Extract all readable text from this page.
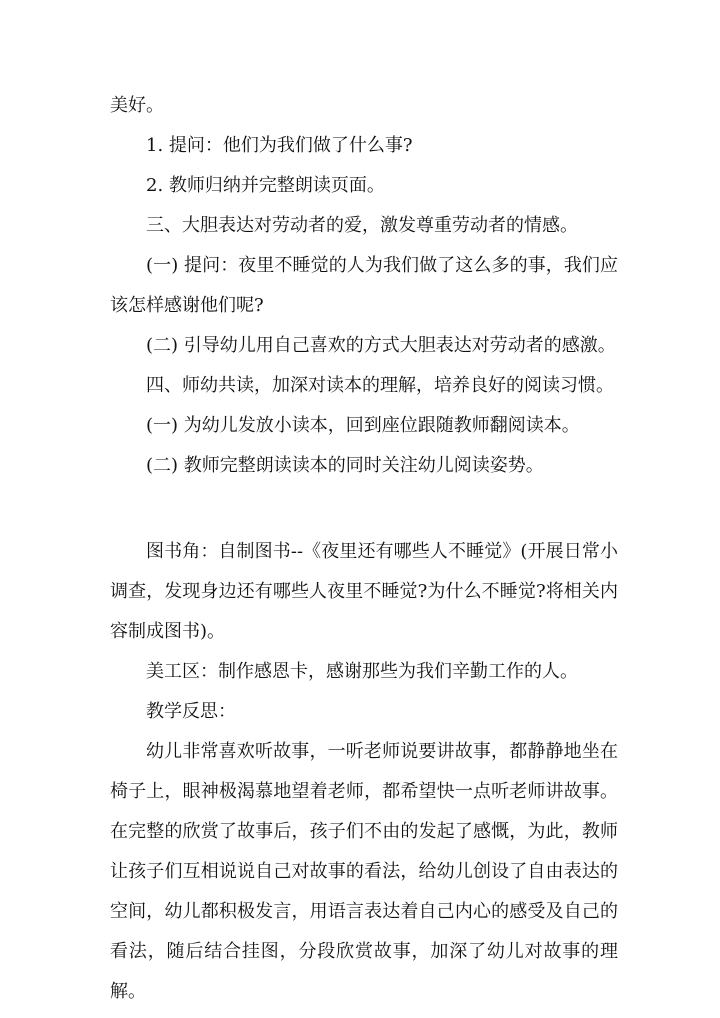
美好。

1. 提问：他们为我们做了什么事?

2. 教师归纳并完整朗读页面。

三、大胆表达对劳动者的爱，激发尊重劳动者的情感。

(一) 提问：夜里不睡觉的人为我们做了这么多的事，我们应该怎样感谢他们呢?

(二) 引导幼儿用自己喜欢的方式大胆表达对劳动者的感激。

四、师幼共读，加深对读本的理解，培养良好的阅读习惯。

(一) 为幼儿发放小读本，回到座位跟随教师翻阅读本。

(二) 教师完整朗读读本的同时关注幼儿阅读姿势。

图书角：自制图书--《夜里还有哪些人不睡觉》(开展日常小调查，发现身边还有哪些人夜里不睡觉?为什么不睡觉?将相关内容制成图书)。

美工区：制作感恩卡，感谢那些为我们辛勤工作的人。

教学反思：

幼儿非常喜欢听故事，一听老师说要讲故事，都静静地坐在椅子上，眼神极渴慕地望着老师，都希望快一点听老师讲故事。在完整的欣赏了故事后，孩子们不由的发起了感慨，为此，教师让孩子们互相说说自己对故事的看法，给幼儿创设了自由表达的空间，幼儿都积极发言，用语言表达着自己内心的感受及自己的看法，随后结合挂图，分段欣赏故事，加深了幼儿对故事的理解。
